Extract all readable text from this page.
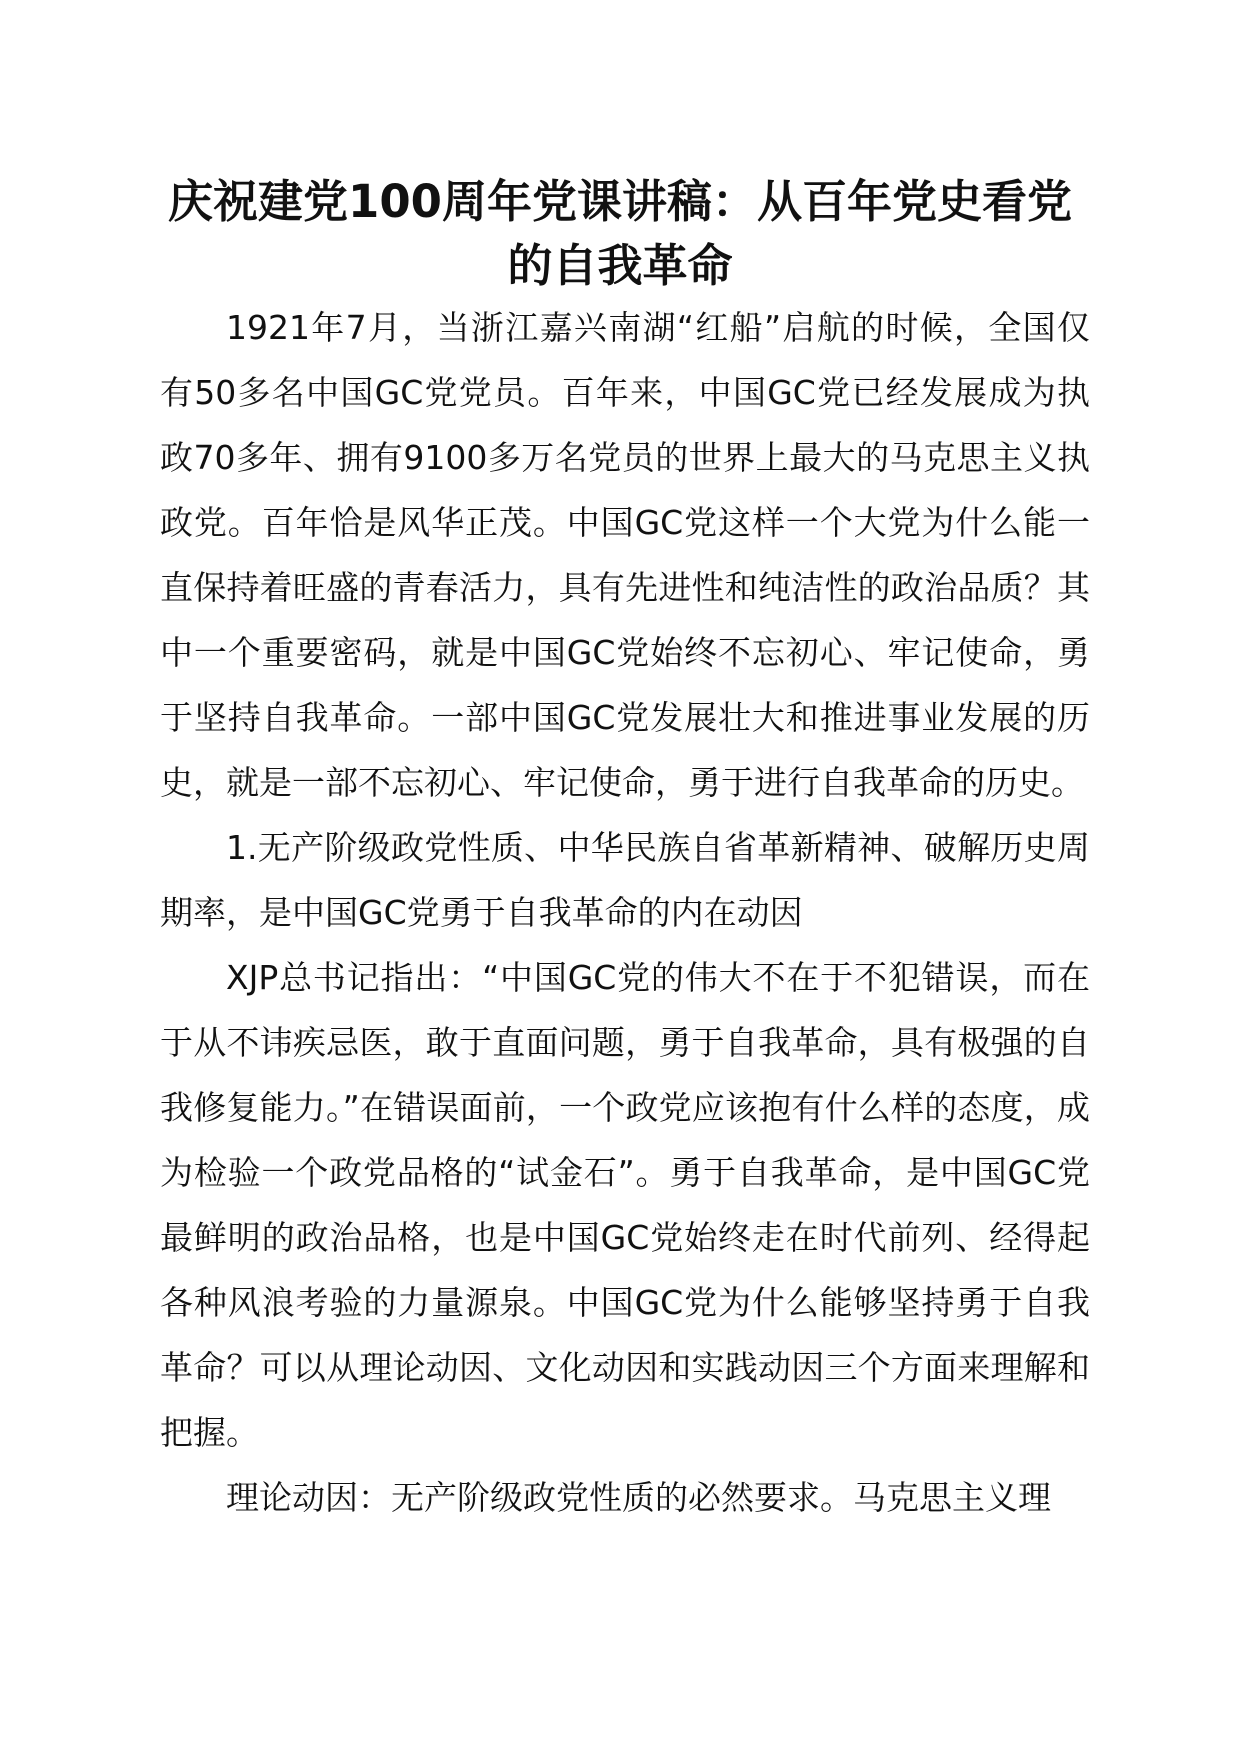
庆祝建党100周年党课讲稿：从百年党史看党的自我革命

1921年7月，当浙江嘉兴南湖“红船”启航的时候，全国仅有50多名中国GC党党员。百年来，中国GC党已经发展成为执政70多年、拥有9100多万名党员的世界上最大的马克思主义执政党。百年恰是风华正茂。中国GC党这样一个大党为什么能一直保持着旺盛的青春活力，具有先进性和纯洁性的政治品质？其中一个重要密码，就是中国GC党始终不忘初心、牢记使命，勇于坚持自我革命。一部中国GC党发展壮大和推进事业发展的历史，就是一部不忘初心、牢记使命，勇于进行自我革命的历史。

1.无产阶级政党性质、中华民族自省革新精神、破解历史周期率，是中国GC党勇于自我革命的内在动因

XJP总书记指出：“中国GC党的伟大不在于不犯错误，而在于从不讳疾忌医，敢于直面问题，勇于自我革命，具有极强的自我修复能力。”在错误面前，一个政党应该抱有什么样的态度，成为检验一个政党品格的“试金石”。勇于自我革命，是中国GC党最鲜明的政治品格，也是中国GC党始终走在时代前列、经得起各种风浪考验的力量源泉。中国GC党为什么能够坚持勇于自我革命？可以从理论动因、文化动因和实践动因三个方面来理解和把握。

理论动因：无产阶级政党性质的必然要求。马克思主义理
